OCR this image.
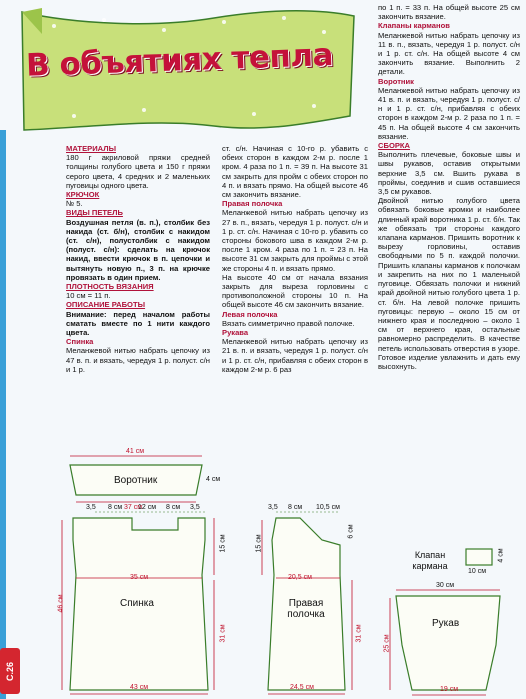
В объятиях тепла

МАТЕРИАЛЫ

180 г акриловой пряжи средней толщины голубого цвета и 150 г пряжи серого цвета, 4 средних и 2 маленьких пуговицы одного цвета.

КРЮЧОК

№ 5.

ВИДЫ ПЕТЕЛЬ

Воздушная петля (в. п.), столбик без накида (ст. б/н), столбик с накидом (ст. с/н), полустолбик с накидом (полуст. с/н): сделать на крючок накид, ввести крючок в п. цепочки и вытянуть новую п., 3 п. на крючке провязать в один прием.

ПЛОТНОСТЬ ВЯЗАНИЯ

10 см = 11 п.

ОПИСАНИЕ РАБОТЫ

Внимание: перед началом работы сматать вместе по 1 нити каждого цвета.

Спинка

Меланжевой нитью набрать цепочку из 47 в. п. и вязать, чередуя 1 р. полуст. с/н и 1 р.

ст. с/н. Начиная с 10-го р. убавить с обеих сторон в каждом 2-м р. после 1 кром. 4 раза по 1 п. = 39 п. На высоте 31 см закрыть для пройм с обеих сторон по 4 п. и вязать прямо. На общей высоте 46 см закончить вязание.

Правая полочка

Меланжевой нитью набрать цепочку из 27 в. п., вязать, чередуя 1 р. полуст. с/н и 1 р. ст. с/н. Начиная с 10-го р. убавить со стороны бокового шва в каждом 2-м р. после 1 кром. 4 раза по 1 п. = 23 п. На высоте 31 см закрыть для проймы с этой же стороны 4 п. и вязать прямо.

На высоте 40 см от начала вязания закрыть для выреза горловины с противоположной стороны 10 п. На общей высоте 46 см закончить вязание.

Левая полочка

Вязать симметрично правой полочке.

Рукава

Меланжевой нитью набрать цепочку из 21 в. п. и вязать, чередуя 1 р. полуст. с/н и 1 р. ст. с/н, прибавляя с обеих сторон в каждом 2-м р. 6 раз

по 1 п. = 33 п. На общей высоте 25 см закончить вязание.

Клапаны карманов

Меланжевой нитью набрать цепочку из 11 в. п., вязать, чередуя 1 р. полуст. с/н и 1 р. ст. с/н. На общей высоте 4 см закончить вязание. Выполнить 2 детали.

Воротник

Меланжевой нитью набрать цепочку из 41 в. п. и вязать, чередуя 1 р. полуст. с/н и 1 р. ст. с/н, прибавляя с обеих сторон в каждом 2-м р. 2 раза по 1 п. = 45 п. На общей высоте 4 см закончить вязание.

СБОРКА

Выполнить плечевые, боковые швы и швы рукавов, оставив открытыми верхние 3,5 см. Вшить рукава в проймы, соединив и сшив оставшиеся 3,5 см рукавов.

Двойной нитью голубого цвета обвязать боковые кромки и наиболее длинный край воротника 1 р. ст. б/н. Так же обвязать три стороны каждого клапана карманов. Пришить воротник к вырезу горловины, оставив свободными по 5 п. каждой полочки. Пришить клапаны карманов к полочкам и закрепить на них по 1 маленькой пуговице. Обвязать полочки и нижний край двойной нитью голубого цвета 1 р. ст. б/н. На левой полочке пришить пуговицы: первую – около 15 см от нижнего края и последнюю – около 1 см от верхнего края, остальные равномерно распределить. В качестве петель использовать отверстия в узоре. Готовое изделие увлажнить и дать ему высохнуть.

41 см
Воротник
37 см
4 см
3,5 8 см 12 см 8 см 3,5
35 см
Спинка
43 см
46 см
15 см
31 см
3,5 8 см 10,5 см
6 см
20,5 см
Правая полочка
24,5 см
15 см
31 см
Клапан кармана
10 см
4 см
30 см
Рукав
19 см
25 см
С.26
